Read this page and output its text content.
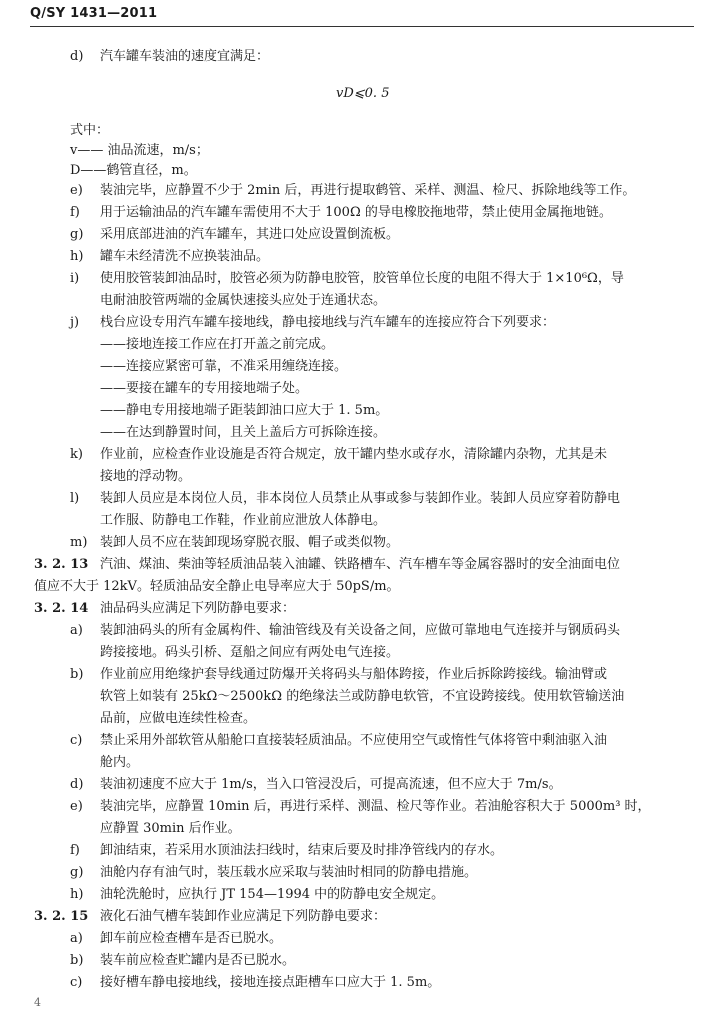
Q/SY 1431—2011
d) 汽车罐车装油的速度宜满足：
vD⩽0. 5
式中：
v—— 油品流速，m/s；
D——鹤管直径，m。
e) 装油完毕，应静置不少于 2min 后，再进行提取鹤管、采样、测温、检尺、拆除地线等工作。
f) 用于运输油品的汽车罐车需使用不大于 100Ω 的导电橡胶拖地带，禁止使用金属拖地链。
g) 采用底部进油的汽车罐车，其进口处应设置倒流板。
h) 罐车未经清洗不应换装油品。
i) 使用胶管装卸油品时，胶管必须为防静电胶管，胶管单位长度的电阻不得大于 1×10⁶Ω，导
电耐油胶管两端的金属快速接头应处于连通状态。
j) 栈台应设专用汽车罐车接地线，静电接地线与汽车罐车的连接应符合下列要求：
——接地连接工作应在打开盖之前完成。
——连接应紧密可靠，不准采用缠绕连接。
——要接在罐车的专用接地端子处。
——静电专用接地端子距装卸油口应大于 1. 5m。
——在达到静置时间，且关上盖后方可拆除连接。
k) 作业前，应检查作业设施是否符合规定，放干罐内垫水或存水，清除罐内杂物，尤其是未
接地的浮动物。
l) 装卸人员应是本岗位人员，非本岗位人员禁止从事或参与装卸作业。装卸人员应穿着防静电
工作服、防静电工作鞋，作业前应泄放人体静电。
m) 装卸人员不应在装卸现场穿脱衣服、帽子或类似物。
3. 2. 13 汽油、煤油、柴油等轻质油品装入油罐、铁路槽车、汽车槽车等金属容器时的安全油面电位
值应不大于 12kV。轻质油品安全静止电导率应大于 50pS/m。
3. 2. 14 油品码头应满足下列防静电要求：
a) 装卸油码头的所有金属构件、输油管线及有关设备之间，应做可靠地电气连接并与钢质码头
跨接接地。码头引桥、趸船之间应有两处电气连接。
b) 作业前应用绝缘护套导线通过防爆开关将码头与船体跨接，作业后拆除跨接线。输油臂或
软管上如装有 25kΩ～2500kΩ 的绝缘法兰或防静电软管，不宜设跨接线。使用软管输送油
品前，应做电连续性检查。
c) 禁止采用外部软管从船舱口直接装轻质油品。不应使用空气或惰性气体将管中剩油驱入油
舱内。
d) 装油初速度不应大于 1m/s，当入口管浸没后，可提高流速，但不应大于 7m/s。
e) 装油完毕，应静置 10min 后，再进行采样、测温、检尺等作业。若油舱容积大于 5000m³ 时，
应静置 30min 后作业。
f) 卸油结束，若采用水顶油法扫线时，结束后要及时排净管线内的存水。
g) 油舱内存有油气时，装压载水应采取与装油时相同的防静电措施。
h) 油轮洗舱时，应执行 JT 154—1994 中的防静电安全规定。
3. 2. 15 液化石油气槽车装卸作业应满足下列防静电要求：
a) 卸车前应检查槽车是否已脱水。
b) 装车前应检查贮罐内是否已脱水。
c) 接好槽车静电接地线，接地连接点距槽车口应大于 1. 5m。
4
